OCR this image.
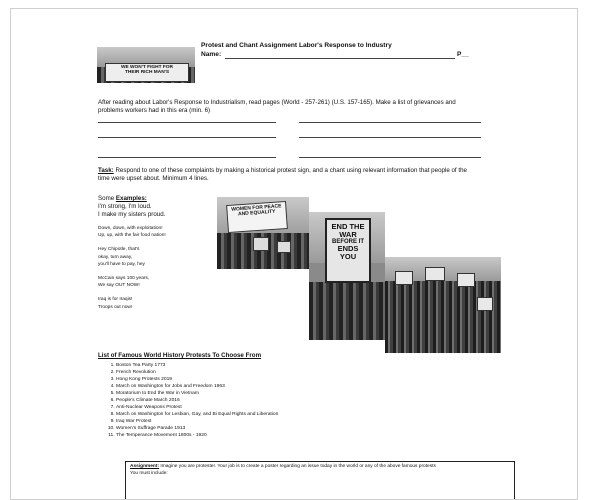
WE WON'T FIGHT FOR
THEIR RICH MAN'S
Protest and Chant Assignment Labor's Response to Industry
Name:	P__
After reading about Labor's Response to Industrialism, read pages (World - 257-261) (U.S. 157-165). Make a list of grievances and problems workers had in this era (min. 6)
Task: Respond to one of these complaints by making a historical protest sign, and a chant using relevant information that people of the time were upset about. Minimum 4 lines.
Some Examples:
I'm strong, I'm loud.
I make my sisters proud.
Down, down, with exploitation!
Up, up, with the fair food nation!
Hey Chipotle, that's
okay, turn away,
you'll have to pay, hey
McCain says 100 years,
We say OUT NOW!
Iraq is for Iraqis!
Troops out now!
WOMEN FOR PEACE AND EQUALITY
END THE
WAR
BEFORE IT
ENDS
YOU
List of Famous World History Protests To Choose From
1. Boston Tea Party 1773
2. French Revolution
3. Hong Kong Protests 2019
4. March on Washington for Jobs and Freedom 1963
5. Moratorium to End the War in Vietnam
6. People's Climate March 2016
7. Anti-Nuclear Weapons Protest
8. March on Washington for Lesbian, Gay, and Bi Equal Rights and Liberation
9. Iraq War Protest
10. Women's Suffrage Parade 1913
11. The Temperance Movement 1800s - 1920
Assignment: Imagine you are protester. Your job is to create a poster regarding an issue today in the world or any of the above famous protests
You must include:
